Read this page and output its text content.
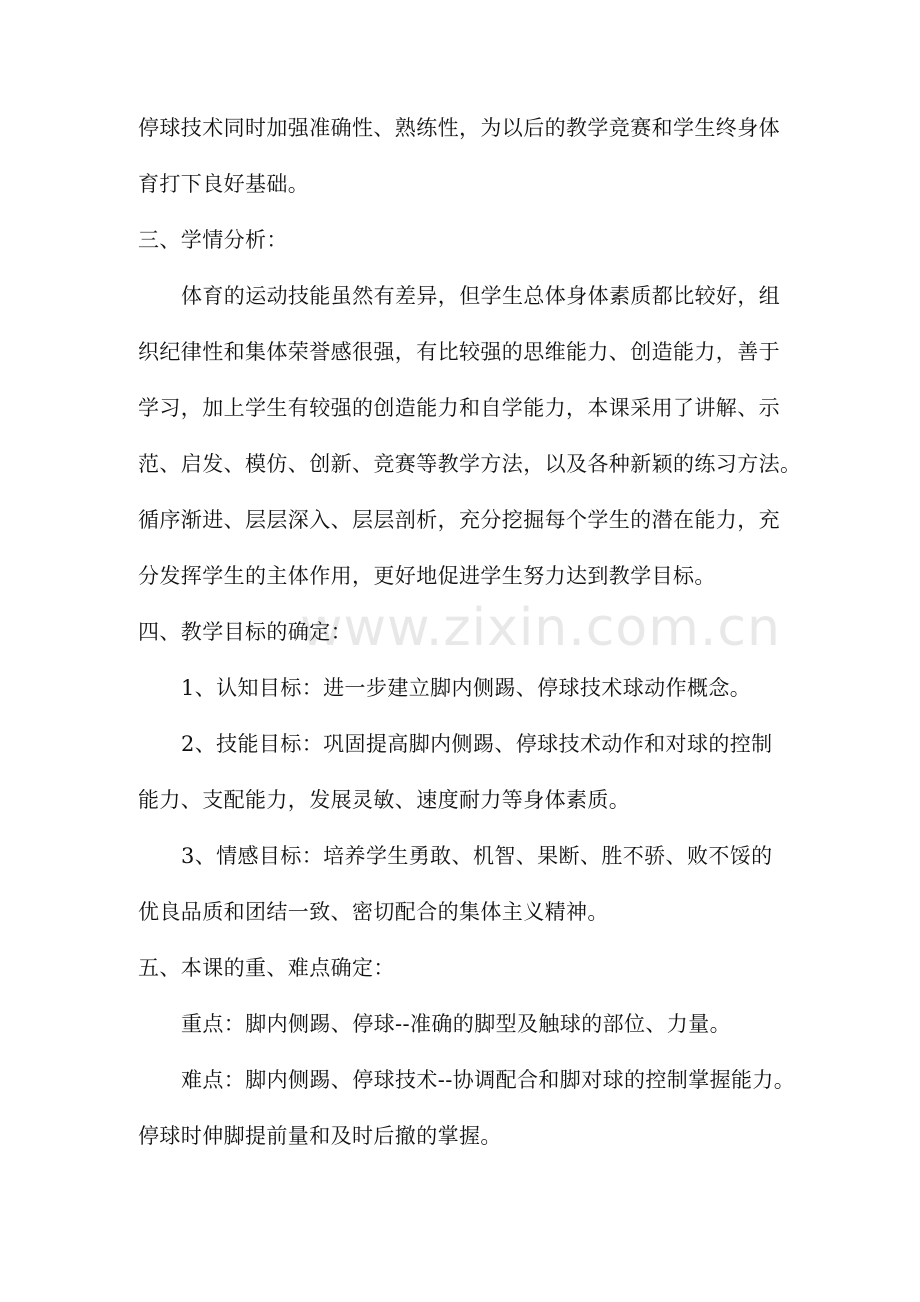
www.zixin.com.cn
停球技术同时加强准确性、熟练性，为以后的教学竞赛和学生终身体
育打下良好基础。
三、学情分析：
体育的运动技能虽然有差异，但学生总体身体素质都比较好，组
织纪律性和集体荣誉感很强，有比较强的思维能力、创造能力，善于
学习，加上学生有较强的创造能力和自学能力，本课采用了讲解、示
范、启发、模仿、创新、竞赛等教学方法，以及各种新颖的练习方法。
循序渐进、层层深入、层层剖析，充分挖掘每个学生的潜在能力，充
分发挥学生的主体作用，更好地促进学生努力达到教学目标。
四、教学目标的确定：
1、认知目标：进一步建立脚内侧踢、停球技术球动作概念。
2、技能目标：巩固提高脚内侧踢、停球技术动作和对球的控制
能力、支配能力，发展灵敏、速度耐力等身体素质。
3、情感目标：培养学生勇敢、机智、果断、胜不骄、败不馁的
优良品质和团结一致、密切配合的集体主义精神。
五、本课的重、难点确定：
重点：脚内侧踢、停球--准确的脚型及触球的部位、力量。
难点：脚内侧踢、停球技术--协调配合和脚对球的控制掌握能力。
停球时伸脚提前量和及时后撤的掌握。
